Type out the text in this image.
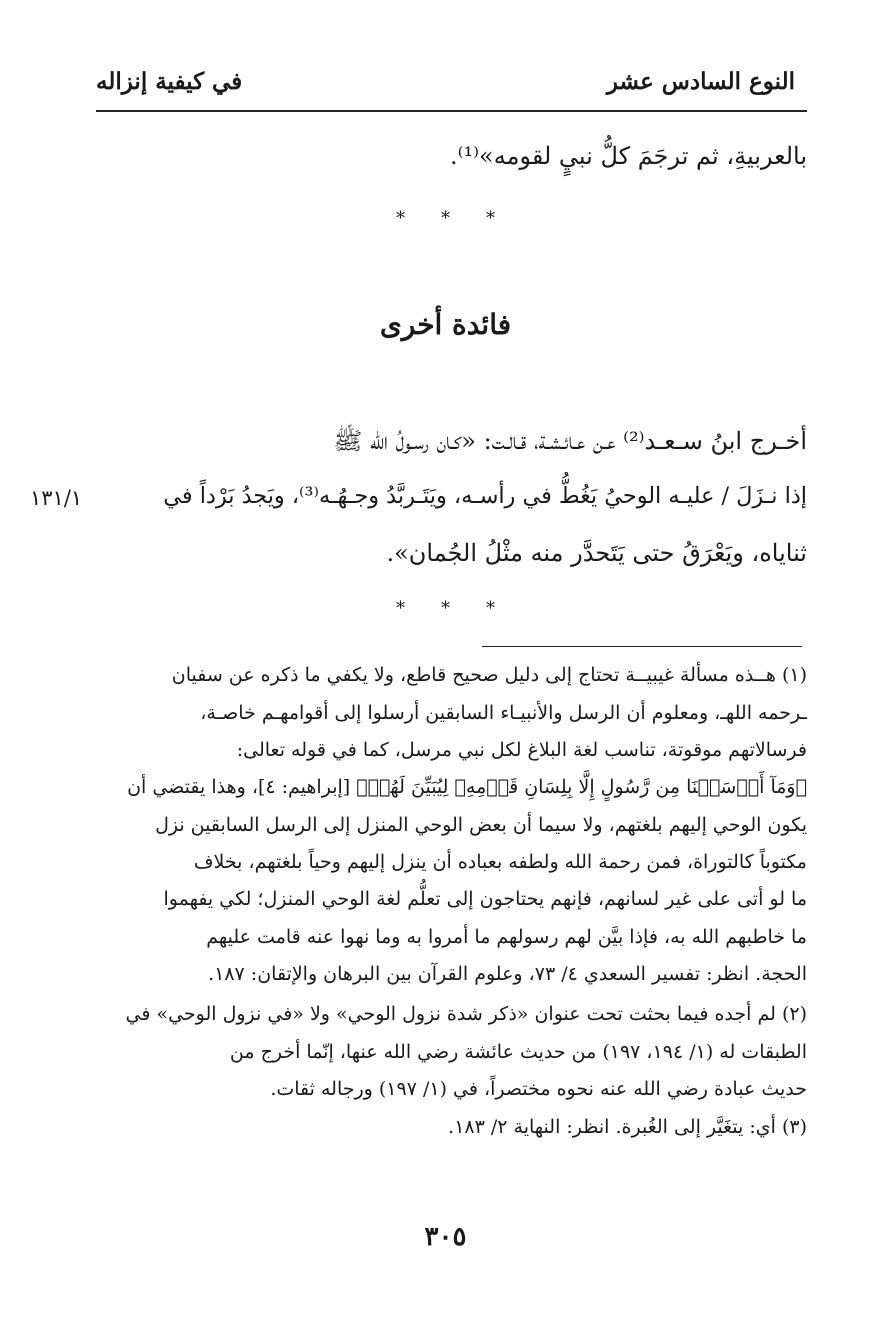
النوع السادس عشر
في كيفية إنزاله
بالعربيةِ، ثم ترجَمَ كلُّ نبيٍ لقومه»⁽¹⁾.
* * *
فائدة أخرى
أخـرج ابنُ سـعـد⁽²⁾ عـن عـائـشـة، قـالـت: «كـان رسـولُ الله ﷺ
إذا نـزَلَ / عليـه الوحيُ يَغُطُّ في رأسـه، ويَتَـربَّدُ وجـهُـه⁽³⁾، ويَجدُ بَرْداً في
١٣١/١
ثناياه، ويَعْرَقُ حتى يَتَحدَّر منه مثْلُ الجُمان».
* * *
(١) هــذه مسألة غيبيــة تحتاج إلى دليل صحيح قاطع، ولا يكفي ما ذكره عن سفيان
ـرحمه اللهـ، ومعلوم أن الرسل والأنبيـاء السابقين أرسلوا إلى أقوامهـم خاصـة،
فرسالاتهم موقوتة، تناسب لغة البلاغ لكل نبي مرسل، كما في قوله تعالى:
﴿وَمَآ أَرۡسَلۡنَا مِن رَّسُولٍ إِلَّا بِلِسَانِ قَوۡمِهِۦ لِيُبَيِّنَ لَهُمۡ﴾ [إبراهيم: ٤]، وهذا يقتضي أن
يكون الوحي إليهم بلغتهم، ولا سيما أن بعض الوحي المنزل إلى الرسل السابقين نزل
مكتوباً كالتوراة، فمن رحمة الله ولطفه بعباده أن ينزل إليهم وحياً بلغتهم، بخلاف
ما لو أتى على غير لسانهم، فإنهم يحتاجون إلى تعلُّم لغة الوحي المنزل؛ لكي يفهموا
ما خاطبهم الله به، فإذا بيَّن لهم رسولهم ما أمروا به وما نهوا عنه قامت عليهم
الحجة. انظر: تفسير السعدي ٤/ ٧٣، وعلوم القرآن بين البرهان والإتقان: ١٨٧.
(٢) لم أجده فيما بحثت تحت عنوان «ذكر شدة نزول الوحي» ولا «في نزول الوحي» في
الطبقات له (١/ ١٩٤، ١٩٧) من حديث عائشة رضي الله عنها، إنّما أخرج من
حديث عبادة رضي الله عنه نحوه مختصراً، في (١/ ١٩٧) ورجاله ثقات.
(٣) أي: يتغَيَّر إلى الغُبرة. انظر: النهاية ٢/ ١٨٣.
٣٠٥
